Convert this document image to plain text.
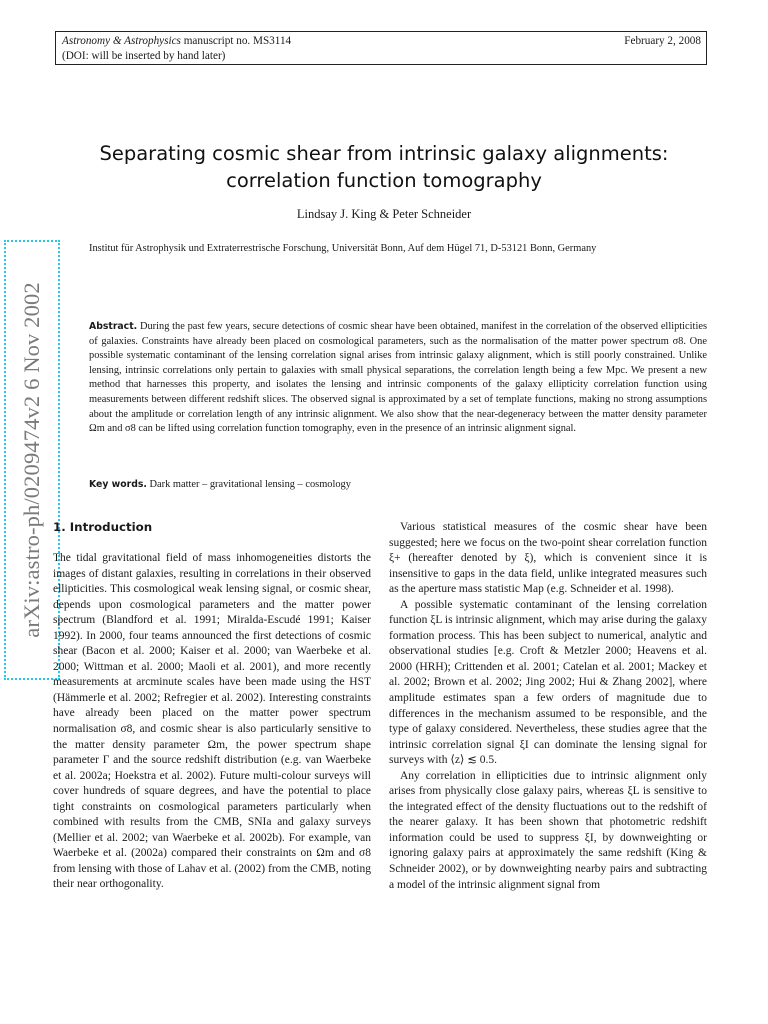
Astronomy & Astrophysics manuscript no. MS3114
(DOI: will be inserted by hand later)
February 2, 2008
arXiv:astro-ph/0209474v2 6 Nov 2002
Separating cosmic shear from intrinsic galaxy alignments:
correlation function tomography
Lindsay J. King & Peter Schneider
Institut für Astrophysik und Extraterrestrische Forschung, Universität Bonn, Auf dem Hügel 71, D-53121 Bonn, Germany
Abstract. During the past few years, secure detections of cosmic shear have been obtained, manifest in the correlation of the observed ellipticities of galaxies. Constraints have already been placed on cosmological parameters, such as the normalisation of the matter power spectrum σ8. One possible systematic contaminant of the lensing correlation signal arises from intrinsic galaxy alignment, which is still poorly constrained. Unlike lensing, intrinsic correlations only pertain to galaxies with small physical separations, the correlation length being a few Mpc. We present a new method that harnesses this property, and isolates the lensing and intrinsic components of the galaxy ellipticity correlation function using measurements between different redshift slices. The observed signal is approximated by a set of template functions, making no strong assumptions about the amplitude or correlation length of any intrinsic alignment. We also show that the near-degeneracy between the matter density parameter Ωm and σ8 can be lifted using correlation function tomography, even in the presence of an intrinsic alignment signal.
Key words. Dark matter – gravitational lensing – cosmology
1. Introduction

The tidal gravitational field of mass inhomogeneities distorts the images of distant galaxies, resulting in correlations in their observed ellipticities. This cosmological weak lensing signal, or cosmic shear, depends upon cosmological parameters and the matter power spectrum (Blandford et al. 1991; Miralda-Escudé 1991; Kaiser 1992). In 2000, four teams announced the first detections of cosmic shear (Bacon et al. 2000; Kaiser et al. 2000; van Waerbeke et al. 2000; Wittman et al. 2000; Maoli et al. 2001), and more recently measurements at arcminute scales have been made using the HST (Hämmerle et al. 2002; Refregier et al. 2002). Interesting constraints have already been placed on the matter power spectrum normalisation σ8, and cosmic shear is also particularly sensitive to the matter density parameter Ωm, the power spectrum shape parameter Γ and the source redshift distribution (e.g. van Waerbeke et al. 2002a; Hoekstra et al. 2002). Future multi-colour surveys will cover hundreds of square degrees, and have the potential to place tight constraints on cosmological parameters particularly when combined with results from the CMB, SNIa and galaxy surveys (Mellier et al. 2002; van Waerbeke et al. 2002b). For example, van Waerbeke et al. (2002a) compared their constraints on Ωm and σ8 from lensing with those of Lahav et al. (2002) from the CMB, noting their near orthogonality.

Various statistical measures of the cosmic shear have been suggested; here we focus on the two-point shear correlation function ξ+ (hereafter denoted by ξ), which is convenient since it is insensitive to gaps in the data field, unlike integrated measures such as the aperture mass statistic Map (e.g. Schneider et al. 1998).

A possible systematic contaminant of the lensing correlation function ξL is intrinsic alignment, which may arise during the galaxy formation process. This has been subject to numerical, analytic and observational studies [e.g. Croft & Metzler 2000; Heavens et al. 2000 (HRH); Crittenden et al. 2001; Catelan et al. 2001; Mackey et al. 2002; Brown et al. 2002; Jing 2002; Hui & Zhang 2002], where amplitude estimates span a few orders of magnitude due to differences in the mechanism assumed to be responsible, and the type of galaxy considered. Nevertheless, these studies agree that the intrinsic correlation signal ξI can dominate the lensing signal for surveys with ⟨z⟩ ≲ 0.5.

Any correlation in ellipticities due to intrinsic alignment only arises from physically close galaxy pairs, whereas ξL is sensitive to the integrated effect of the density fluctuations out to the redshift of the nearer galaxy. It has been shown that photometric redshift information could be used to suppress ξI, by downweighting or ignoring galaxy pairs at approximately the same redshift (King & Schneider 2002), or by downweighting nearby pairs and subtracting a model of the intrinsic alignment signal from
